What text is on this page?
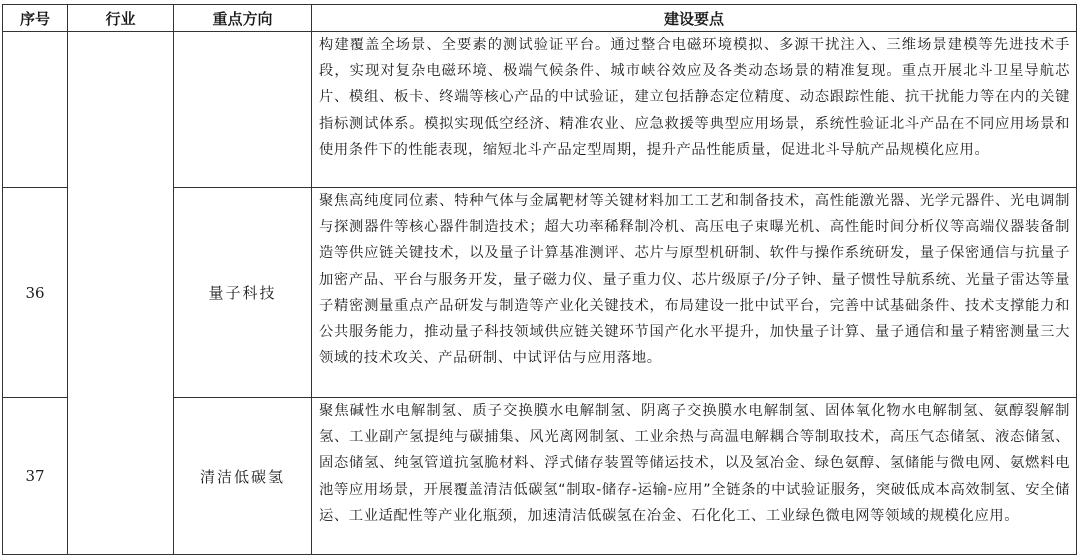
序号	行业	重点方向	建设要点
			构建覆盖全场景、全要素的测试验证平台。通过整合电磁环境模拟、多源干扰注入、三维场景建模等先进技术手段，实现对复杂电磁环境、极端气候条件、城市峡谷效应及各类动态场景的精准复现。重点开展北斗卫星导航芯片、模组、板卡、终端等核心产品的中试验证，建立包括静态定位精度、动态跟踪性能、抗干扰能力等在内的关键指标测试体系。模拟实现低空经济、精准农业、应急救援等典型应用场景，系统性验证北斗产品在不同应用场景和使用条件下的性能表现，缩短北斗产品定型周期，提升产品性能质量，促进北斗导航产品规模化应用。
36		量子科技	聚焦高纯度同位素、特种气体与金属靶材等关键材料加工工艺和制备技术，高性能激光器、光学元器件、光电调制与探测器件等核心器件制造技术；超大功率稀释制冷机、高压电子束曝光机、高性能时间分析仪等高端仪器装备制造等供应链关键技术，以及量子计算基准测评、芯片与原型机研制、软件与操作系统研发，量子保密通信与抗量子加密产品、平台与服务开发，量子磁力仪、量子重力仪、芯片级原子/分子钟、量子惯性导航系统、光量子雷达等量子精密测量重点产品研发与制造等产业化关键技术，布局建设一批中试平台，完善中试基础条件、技术支撑能力和公共服务能力，推动量子科技领域供应链关键环节国产化水平提升，加快量子计算、量子通信和量子精密测量三大领域的技术攻关、产品研制、中试评估与应用落地。
37		清洁低碳氢	聚焦碱性水电解制氢、质子交换膜水电解制氢、阴离子交换膜水电解制氢、固体氧化物水电解制氢、氨醇裂解制氢、工业副产氢提纯与碳捕集、风光离网制氢、工业余热与高温电解耦合等制取技术，高压气态储氢、液态储氢、固态储氢、纯氢管道抗氢脆材料、浮式储存装置等储运技术，以及氢冶金、绿色氨醇、氢储能与微电网、氨燃料电池等应用场景，开展覆盖清洁低碳氢“制取-储存-运输-应用”全链条的中试验证服务，突破低成本高效制氢、安全储运、工业适配性等产业化瓶颈，加速清洁低碳氢在冶金、石化化工、工业绿色微电网等领域的规模化应用。
